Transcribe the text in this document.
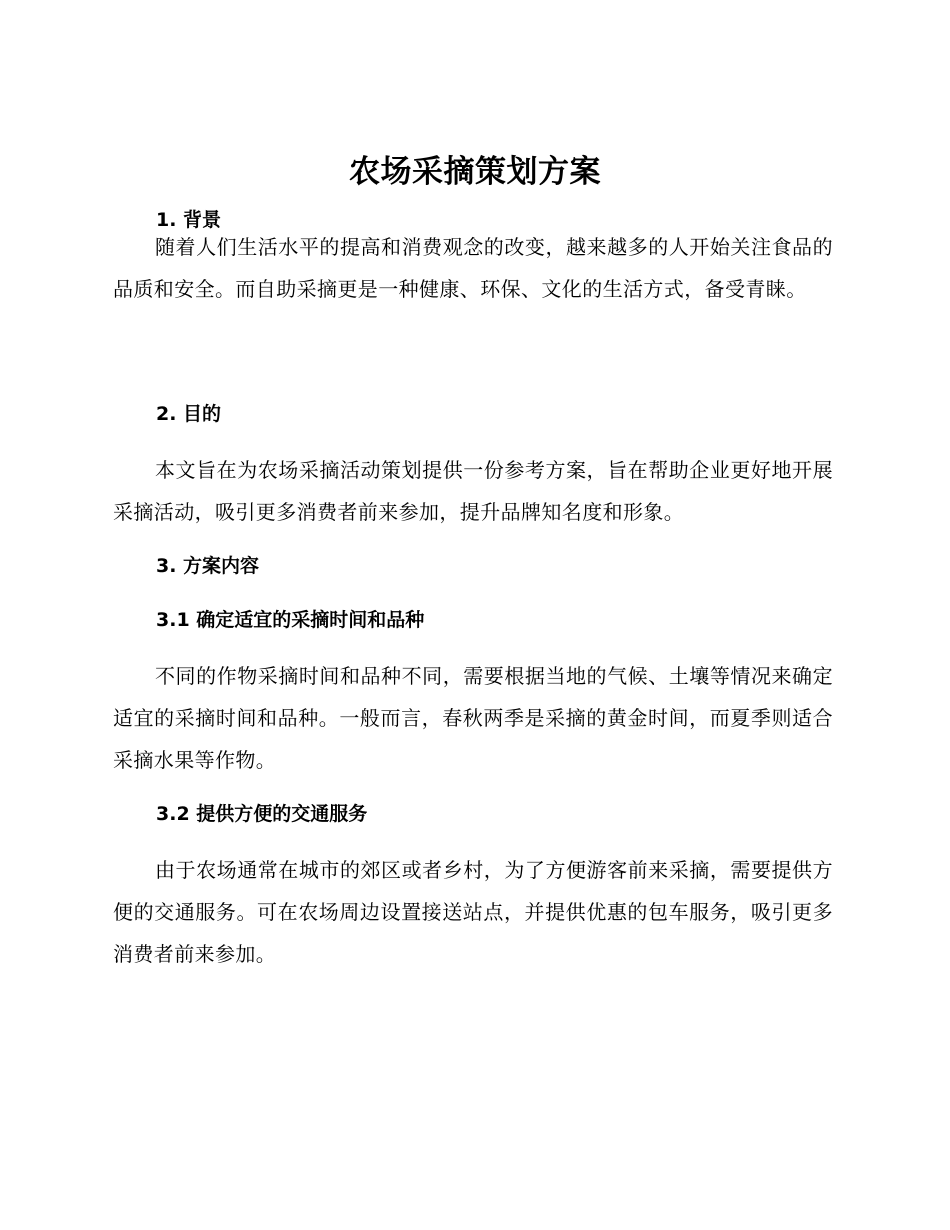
农场采摘策划方案
1. 背景

随着人们生活水平的提高和消费观念的改变，越来越多的人开始关注食品的品质和安全。而自助采摘更是一种健康、环保、文化的生活方式，备受青睐。

2. 目的

本文旨在为农场采摘活动策划提供一份参考方案，旨在帮助企业更好地开展采摘活动，吸引更多消费者前来参加，提升品牌知名度和形象。

3. 方案内容
3.1 确定适宜的采摘时间和品种

不同的作物采摘时间和品种不同，需要根据当地的气候、土壤等情况来确定适宜的采摘时间和品种。一般而言，春秋两季是采摘的黄金时间，而夏季则适合采摘水果等作物。

3.2 提供方便的交通服务

由于农场通常在城市的郊区或者乡村，为了方便游客前来采摘，需要提供方便的交通服务。可在农场周边设置接送站点，并提供优惠的包车服务，吸引更多消费者前来参加。
